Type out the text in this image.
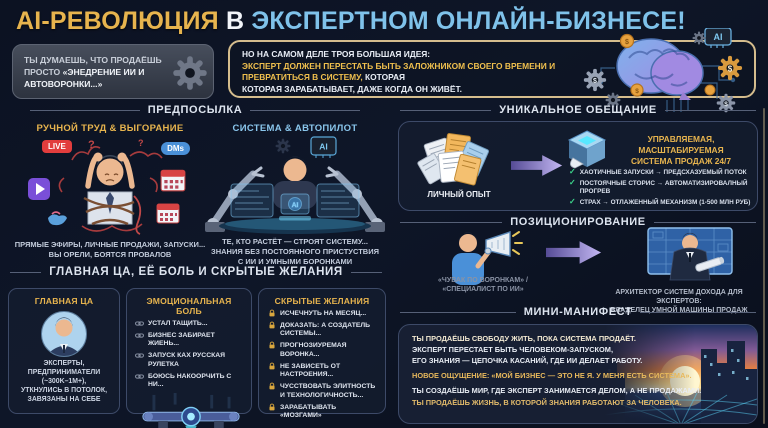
AI-РЕВОЛЮЦИЯ В ЭКСПЕРТНОМ ОНЛАЙН-БИЗНЕСЕ!
ТЫ ДУМАЕШЬ, ЧТО ПРОДАЁШЬ ПРОСТО «ЭНЕДРЕНИЕ ИИ И АВТОВОРОНКИ...»
НО НА САМОМ ДЕЛЕ ТРОЯ БОЛЬШАЯ ИДЕЯ:
ЭКСПЕРТ ДОЛЖЕН ПЕРЕСТАТЬ БЫТЬ ЗАЛОЖНИКОМ СВОЕГО ВРЕМЕНИ И ПРЕВРАТИТЬСЯ В СИСТЕМУ, КОТОРАЯ
КОТОРАЯ ЗАРАБАТЫВАЕТ, ДАЖЕ КОГДА ОН ЖИВЁТ.
AI
$
$
$
$
$
ПРЕДПОСЫЛКА
РУЧНОЙ ТРУД & ВЫГОРАНИЕ	СИСТЕМА & АВТОПИЛОТ
?	?
LIVE	DMs	AI
AI
ПРЯМЫЕ ЭФИРЫ, ЛИЧНЫЕ ПРОДАЖИ, ЗАПУСКИ...
ВЫ ОРЕЛИ, БОЯТСЯ ПРОВАЛОВ
ТЕ, КТО РАСТЁТ — СТРОЯТ СИСТЕМУ...
ЗНАНИЯ БЕЗ ПОСТОЯННОГО ПРИСТУСТВИЯ
С ИИ И УМНЫМИ БОРОНКАМИ
ГЛАВНАЯ ЦА, ЕЁ БОЛЬ И СКРЫТЫЕ ЖЕЛАНИЯ
ГЛАВНАЯ ЦА
ЭКСПЕРТЫ,
ПРЕДПРИНИМАТЕЛИ
(~300K–1M+),
УТКНУЛИСЬ В ПОТОЛОК,
ЗАВЯЗАНЫ НА СЕБЕ
ЭМОЦИОНАЛЬНАЯ БОЛЬ
УСТАЛ ТАЩИТЬ...
БИЗНЕС ЗАБИРАЕТ ЖИЕНЬ...
ЗАПУСК КАХ РУССКАЯ РУЛЕТКА
БОЮСЬ НАКООРЧИТЬ С НИ...
СКРЫТЫЕ ЖЕЛАНИЯ
ИСЧЕЧНУТЬ НА МЕСЯЦ...
ДОКАЗАТЬ: А СОЗДАТЕЛЬ СИСТЕМЫ...
ПРОГНОЗИУРЕМАЯ ВОРОНКА...
НЕ ЗАВИСЕТЬ ОТ НАСТРОЕНИЯ...
ЧУССТВОВАТЬ ЭЛИТНОСТЬ И ТЕХНОЛОГИЧНОСТЬ...
ЗАРАБАТЫВАТЬ «МОЗГАМИ»
УНИКАЛЬНОЕ ОБЕЩАНИЕ
ЛИЧНЫЙ ОПЫТ
УПРАВЛЯЕМАЯ, МАСШТАБИРУЕМАЯ
СИСТЕМА ПРОДАЖ 24/7
✓ ХАОТИЧНЫЕ ЗАПУСКИ → ПРЕДСХАЗУЕМЫЙ ПОТОК
✓ ПОСТОЯЧНЫЕ СТОРИС → АВТОМАТИЗИРОВАЛНЫЙ ПРОГРЕВ
✓ СТРАХ → ОТЛАЖЕННЫЙ МЕХАНИЗМ (1-500 МЛН РУБ)
ПОЗИЦИОНИРОВАНИЕ
«ЧУВАК ПО ВОРОНКАМ» /
«СПЕЦИАЛИСТ ПО ИИ»	АРХИТЕКТОР СИСТЕМ ДОХОДА ДЛЯ ЭКСПЕРТОВ:
ВЛАДЕЛЕЦ УМНОЙ МАШИНЫ ПРОДАЖ
МИНИ-МАНИФЕСТ
ТЫ ПРОДАЁШЬ СВОБОДУ ЖИТЬ, ПОКА СИСТЕМА ПРОДАЁТ.
ЭКСПЕРТ ПЕРЕСТАЕТ БЫТЬ ЧЕЛОВЕКОМ-ЗАПУСКОМ,
ЕГО ЗНАНИЯ — ЦЕПОЧКА КАСАНИЙ, ГДЕ ИИ ДЕЛАЕТ РАБОТУ.
НОВОЕ ОЩУЩЕНИЕ: «МОЙ БИЗНЕС — ЭТО НЕ Я. У МЕНЯ ЕСТЬ СИСТЕМА».
ТЫ СОЗДАЁШЬ МИР, ГДЕ ЭКСПЕРТ ЗАНИМАЕТСЯ ДЕЛОМ, А НЕ ПРОДАЖАМИ.
ТЫ ПРОДАЁШЬ ЖИЗНЬ, В КОТОРОЙ ЗНАНИЯ РАБОТАЮТ ЗА ЧЕЛОВЕКА.
